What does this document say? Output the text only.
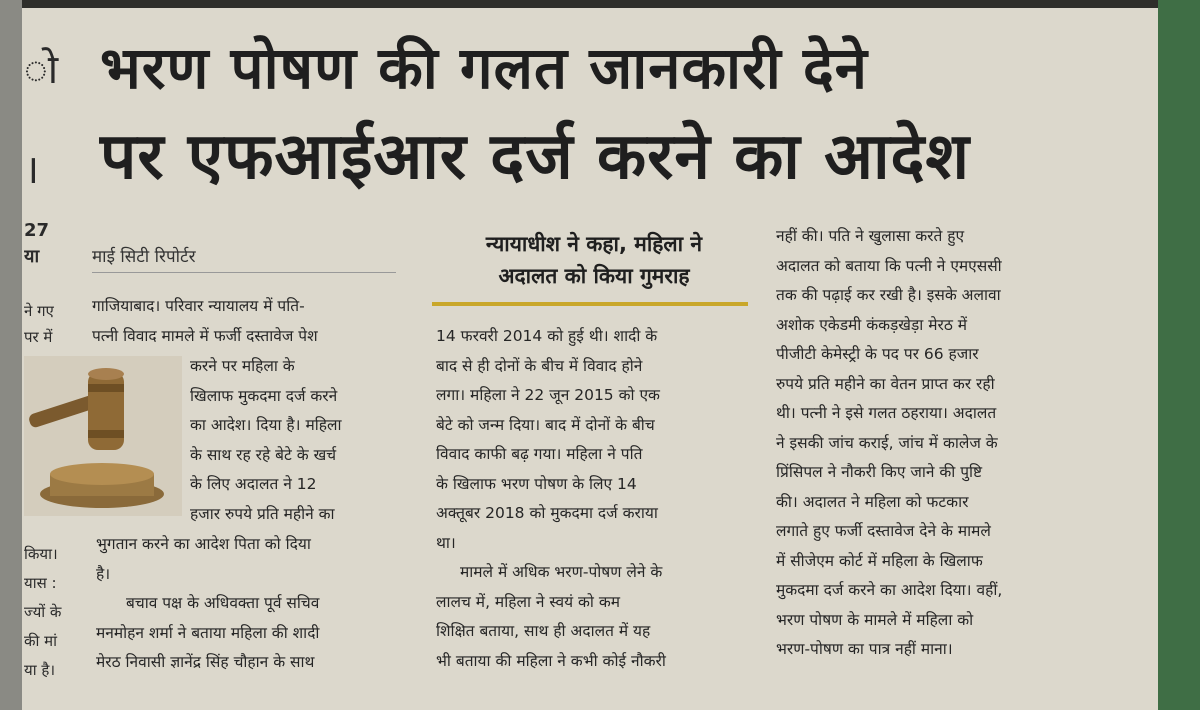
ो
।
27
या
ने गए
पर में
किया।
यास :
ज्यों के
की मां
या है।
भरण पोषण की गलत जानकारी देने
पर एफआईआर दर्ज करने का आदेश
माई सिटी रिपोर्टर
गाजियाबाद। परिवार न्यायालय में पति-
पत्नी विवाद मामले में फर्जी दस्तावेज पेश
करने पर महिला के
खिलाफ मुकदमा दर्ज करने
का आदेश। दिया है। महिला
के साथ रह रहे बेटे के खर्च
के लिए अदालत ने 12
हजार रुपये प्रति महीने का
भुगतान करने का आदेश पिता को दिया
है।
बचाव पक्ष के अधिवक्ता पूर्व सचिव
मनमोहन शर्मा ने बताया महिला की शादी
मेरठ निवासी ज्ञानेंद्र सिंह चौहान के साथ
न्यायाधीश ने कहा, महिला ने
अदालत को किया गुमराह
14 फरवरी 2014 को हुई थी। शादी के
बाद से ही दोनों के बीच में विवाद होने
लगा। महिला ने 22 जून 2015 को एक
बेटे को जन्म दिया। बाद में दोनों के बीच
विवाद काफी बढ़ गया। महिला ने पति
के खिलाफ भरण पोषण के लिए 14
अक्तूबर 2018 को मुकदमा दर्ज कराया
था।
मामले में अधिक भरण-पोषण लेने के
लालच में, महिला ने स्वयं को कम
शिक्षित बताया, साथ ही अदालत में यह
भी बताया की महिला ने कभी कोई नौकरी
नहीं की। पति ने खुलासा करते हुए
अदालत को बताया कि पत्नी ने एमएससी
तक की पढ़ाई कर रखी है। इसके अलावा
अशोक एकेडमी कंकड़खेड़ा मेरठ में
पीजीटी केमेस्ट्री के पद पर 66 हजार
रुपये प्रति महीने का वेतन प्राप्त कर रही
थी। पत्नी ने इसे गलत ठहराया। अदालत
ने इसकी जांच कराई, जांच में कालेज के
प्रिंसिपल ने नौकरी किए जाने की पुष्टि
की। अदालत ने महिला को फटकार
लगाते हुए फर्जी दस्तावेज देने के मामले
में सीजेएम कोर्ट में महिला के खिलाफ
मुकदमा दर्ज करने का आदेश दिया। वहीं,
भरण पोषण के मामले में महिला को
भरण-पोषण का पात्र नहीं माना।
